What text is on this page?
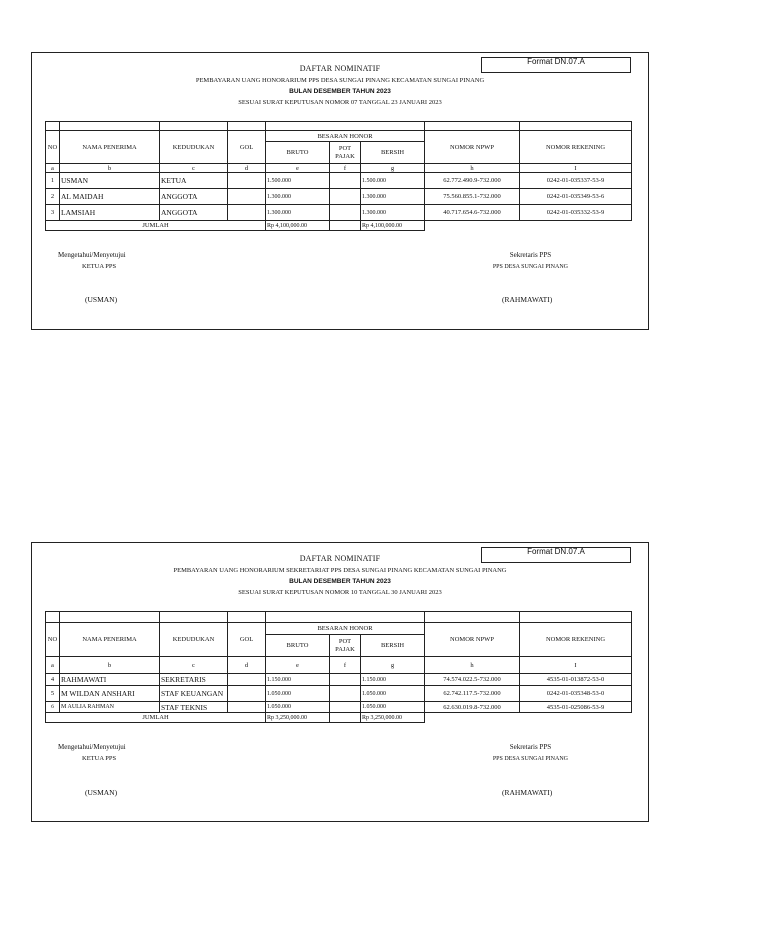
Format DN.07.A
DAFTAR NOMINATIF
PEMBAYARAN UANG HONORARIUM PPS DESA SUNGAI PINANG KECAMATAN SUNGAI PINANG
BULAN DESEMBER TAHUN 2023
SESUAI SURAT KEPUTUSAN NOMOR 07 TANGGAL 23 JANUARI 2023

NO	NAMA PENERIMA	KEDUDUKAN	GOL	BESARAN HONOR			NOMOR NPWP	NOMOR REKENING
				BRUTO	POT PAJAK	BERSIH		
a	b	c	d	e	f	g	h	I
1	USMAN	KETUA		1.500.000		1.500.000	62.772.490.9-732.000	0242-01-035337-53-9
2	AL MAIDAH	ANGGOTA		1.300.000		1.300.000	75.560.855.1-732.000	0242-01-035349-53-6
3	LAMSIAH	ANGGOTA		1.300.000		1.300.000	40.717.654.6-732.000	0242-01-035332-53-9
JUMLAH				Rp 4,100,000.00		Rp 4,100,000.00		
Mengetahui/Menyetujui
KETUA PPS
Sekretaris PPS
PPS DESA SUNGAI PINANG
(USMAN)	(RAHMAWATI)
Format DN.07.A
DAFTAR NOMINATIF
PEMBAYARAN UANG HONORARIUM SEKRETARIAT PPS DESA SUNGAI PINANG KECAMATAN SUNGAI PINANG
BULAN DESEMBER TAHUN 2023
SESUAI SURAT KEPUTUSAN NOMOR 10 TANGGAL 30 JANUARI 2023

NO	NAMA PENERIMA	KEDUDUKAN	GOL	BESARAN HONOR			NOMOR NPWP	NOMOR REKENING
				BRUTO	POT PAJAK	BERSIH		
a	b	c	d	e	f	g	h	I
4	RAHMAWATI	SEKRETARIS		1.150.000		1.150.000	74.574.022.5-732.000	4535-01-013872-53-0
5	M WILDAN ANSHARI	STAF KEUANGAN		1.050.000		1.050.000	62.742.117.5-732.000	0242-01-035348-53-0
6	M AULIA RAHMAN	STAF TEKNIS		1.050.000		1.050.000	62.630.019.8-732.000	4535-01-025086-53-9
JUMLAH				Rp 3,250,000.00		Rp 3,250,000.00		
Mengetahui/Menyetujui
KETUA PPS
Sekretaris PPS
PPS DESA SUNGAI PINANG
(USMAN)	(RAHMAWATI)
